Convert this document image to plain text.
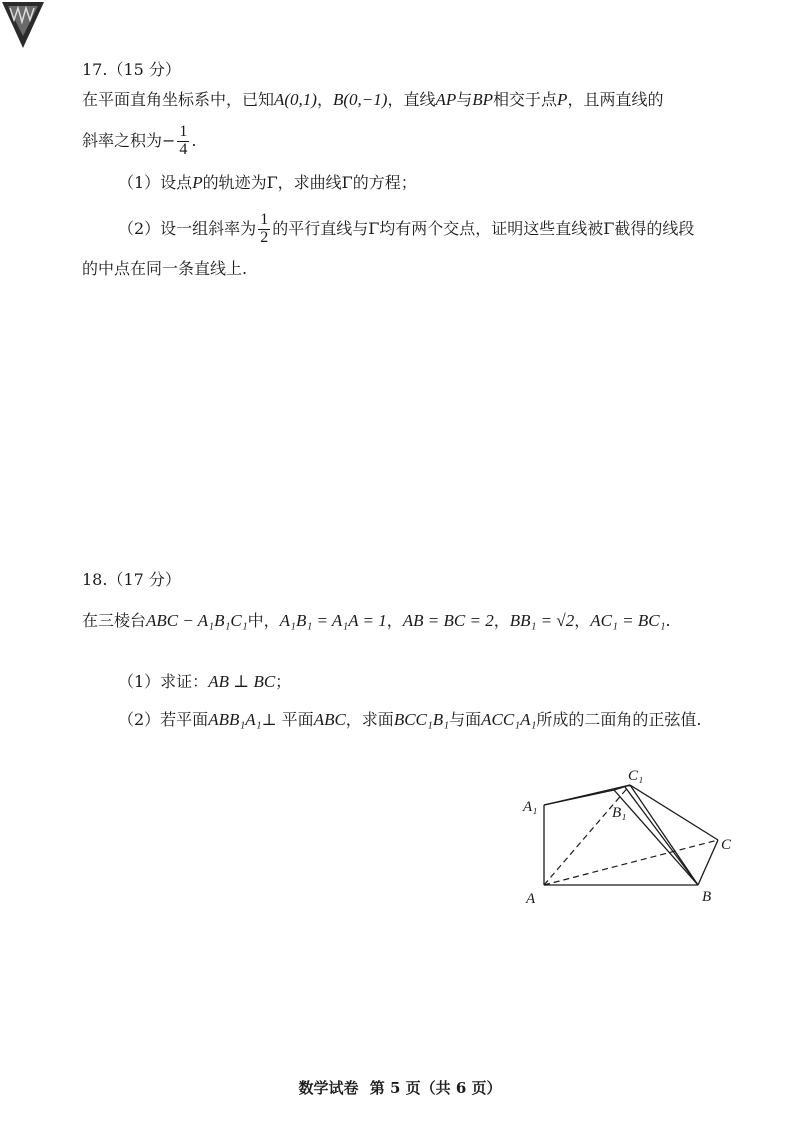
17.（15 分）
在平面直角坐标系中，已知A(0,1)，B(0,−1)，直线AP与BP相交于点P，且两直线的
斜率之积为− $\frac{1}{4}$ .
（1）设点P的轨迹为Γ，求曲线Γ的方程；
（2）设一组斜率为 $\frac{1}{2}$ 的平行直线与Γ均有两个交点，证明这些直线被Γ截得的线段
的中点在同一条直线上.
18.（17 分）
在三棱台ABC − A₁B₁C₁中，A₁B₁ = A₁A = 1，AB = BC = 2，BB₁ = √2，AC₁ = BC₁.
（1）求证：AB ⊥ BC；
（2）若平面ABB₁A₁⊥ 平面ABC，求面BCC₁B₁与面ACC₁A₁所成的二面角的正弦值.
A₁	B₁
C₁
A	B
C
数学试卷 第 5 页（共 6 页）
